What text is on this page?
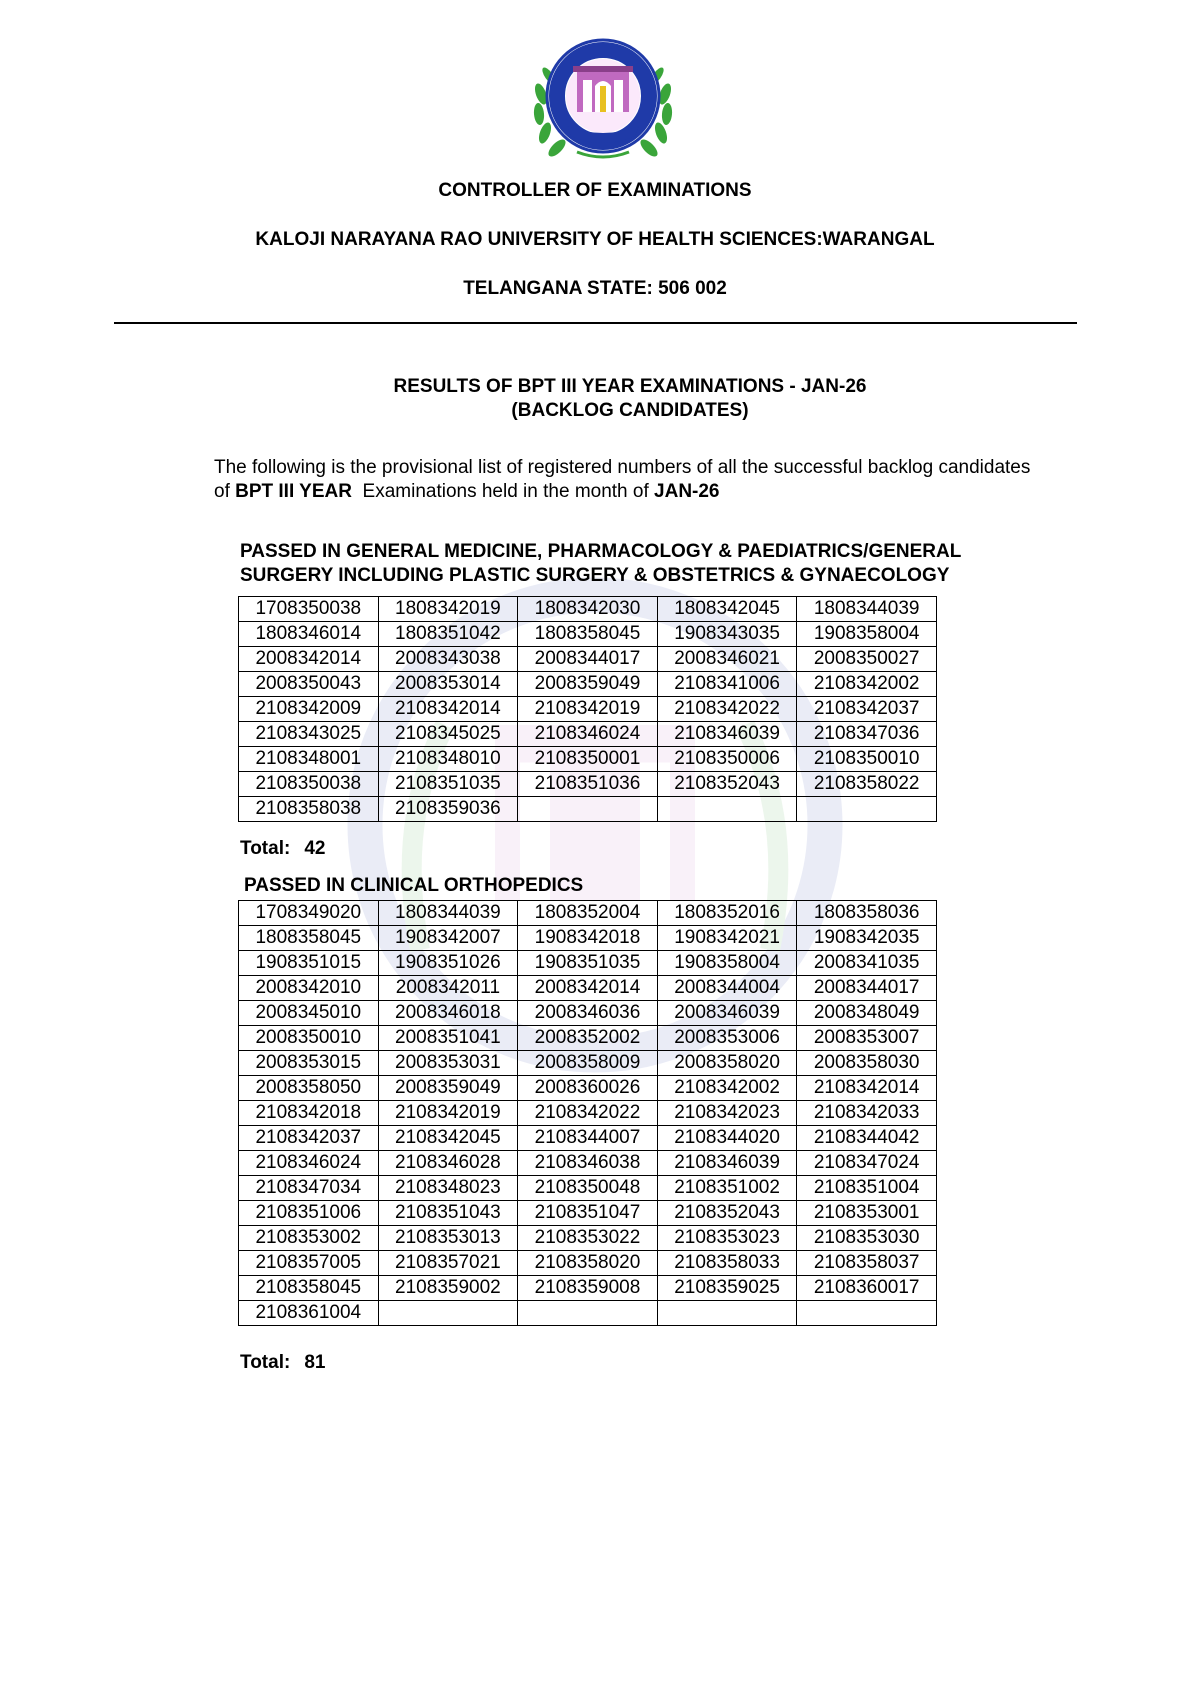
CONTROLLER OF EXAMINATIONS
KALOJI NARAYANA RAO UNIVERSITY OF HEALTH SCIENCES:WARANGAL
TELANGANA STATE: 506 002
RESULTS OF BPT III YEAR EXAMINATIONS - JAN-26
(BACKLOG CANDIDATES)
The following is the provisional list of registered numbers of all the successful backlog candidates
of BPT III YEAR  Examinations held in the month of JAN-26
PASSED IN GENERAL MEDICINE, PHARMACOLOGY & PAEDIATRICS/GENERAL
SURGERY INCLUDING PLASTIC SURGERY & OBSTETRICS & GYNAECOLOGY
1708350038	1808342019	1808342030	1808342045	1808344039
1808346014	1808351042	1808358045	1908343035	1908358004
2008342014	2008343038	2008344017	2008346021	2008350027
2008350043	2008353014	2008359049	2108341006	2108342002
2108342009	2108342014	2108342019	2108342022	2108342037
2108343025	2108345025	2108346024	2108346039	2108347036
2108348001	2108348010	2108350001	2108350006	2108350010
2108350038	2108351035	2108351036	2108352043	2108358022
2108358038	2108359036			
Total: 42
PASSED IN CLINICAL ORTHOPEDICS
1708349020	1808344039	1808352004	1808352016	1808358036
1808358045	1908342007	1908342018	1908342021	1908342035
1908351015	1908351026	1908351035	1908358004	2008341035
2008342010	2008342011	2008342014	2008344004	2008344017
2008345010	2008346018	2008346036	2008346039	2008348049
2008350010	2008351041	2008352002	2008353006	2008353007
2008353015	2008353031	2008358009	2008358020	2008358030
2008358050	2008359049	2008360026	2108342002	2108342014
2108342018	2108342019	2108342022	2108342023	2108342033
2108342037	2108342045	2108344007	2108344020	2108344042
2108346024	2108346028	2108346038	2108346039	2108347024
2108347034	2108348023	2108350048	2108351002	2108351004
2108351006	2108351043	2108351047	2108352043	2108353001
2108353002	2108353013	2108353022	2108353023	2108353030
2108357005	2108357021	2108358020	2108358033	2108358037
2108358045	2108359002	2108359008	2108359025	2108360017
2108361004				
Total: 81
